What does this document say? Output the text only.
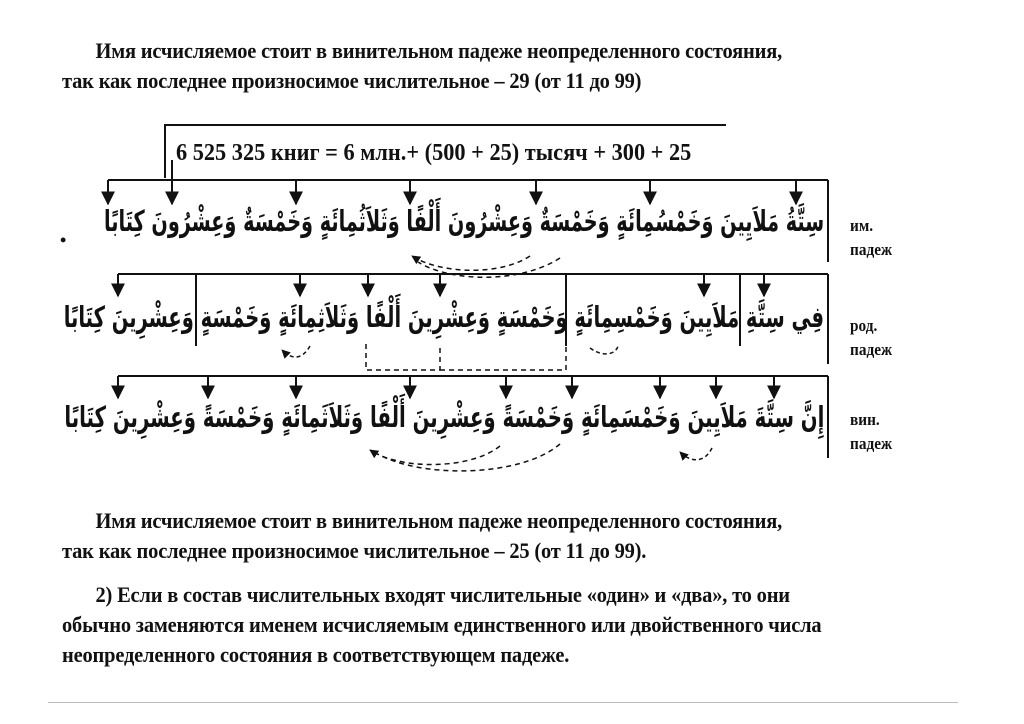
Имя исчисляемое стоит в винительном падеже неопределенного состояния,
так как последнее произносимое числительное – 29 (от 11 до 99)
6 525 325 книг = 6 млн.+ (500 + 25) тысяч + 300 + 25
•
سِتَّةُ مَلاَيِينَ وَخَمْسُمِائَةٍ وَخَمْسَةٌ وَعِشْرُونَ أَلْفًا وَثَلاَثُمِائَةٍ وَخَمْسَةٌ وَعِشْرُونَ كِتَابًا им.
падеж
فِي سِتَّةِ مَلاَيِينَ وَخَمْسِمِائَةٍ وَخَمْسَةٍ وَعِشْرِينَ أَلْفًا وَثَلاَثِمِائَةٍ وَخَمْسَةٍ وَعِشْرِينَ كِتَابًا род.
падеж
إِنَّ سِتَّةَ مَلاَيِينَ وَخَمْسَمِائَةٍ وَخَمْسَةً وَعِشْرِينَ أَلْفًا وَثَلاَثَمِائَةٍ وَخَمْسَةً وَعِشْرِينَ كِتَابًا вин.
падеж
Имя исчисляемое стоит в винительном падеже неопределенного состояния,
так как последнее произносимое числительное – 25 (от 11 до 99).
2) Если в состав числительных входят числительные «один» и «два», то они
обычно заменяются именем исчисляемым единственного или двойственного числа
неопределенного состояния в соответствующем падеже.
